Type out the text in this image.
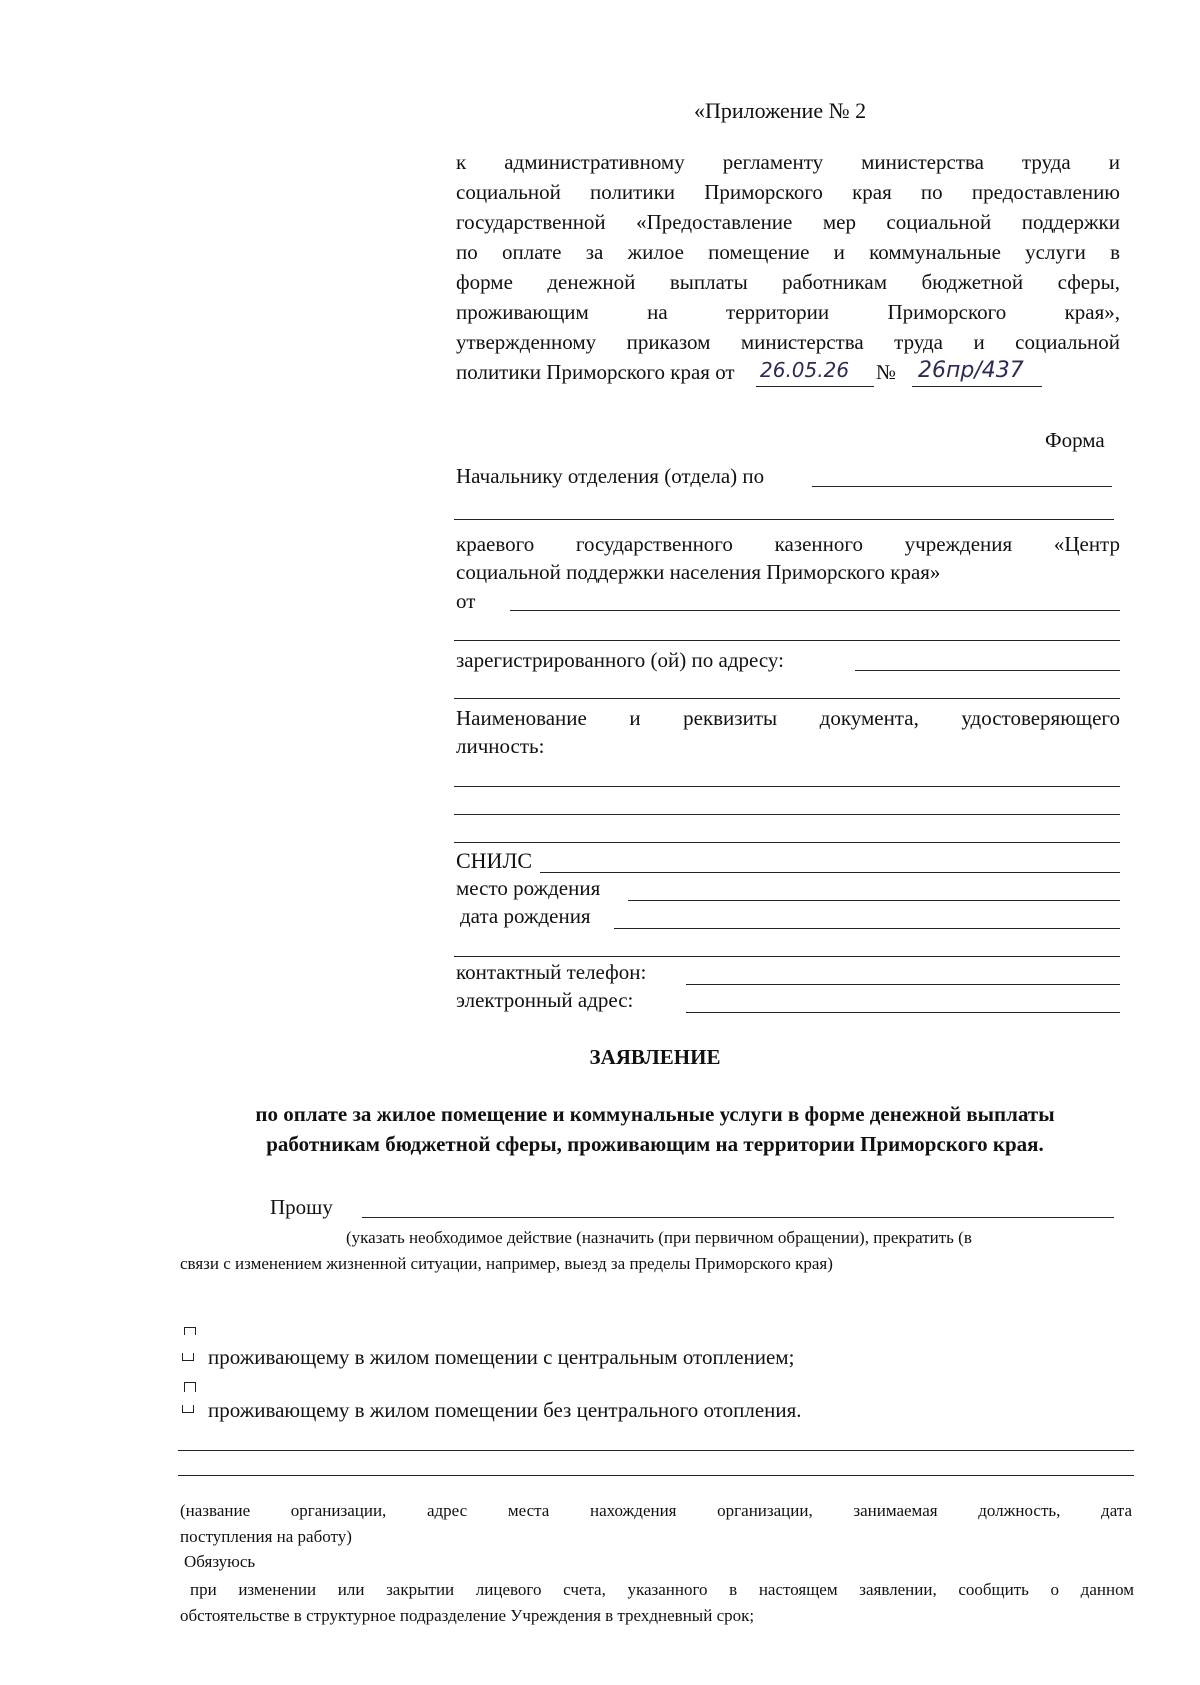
«Приложение № 2
к административному регламенту министерства труда и
социальной политики Приморского края по предоставлению
государственной «Предоставление мер социальной поддержки
по оплате за жилое помещение и коммунальные услуги в
форме денежной выплаты работникам бюджетной сферы,
проживающим на территории Приморского края»,
утвержденному приказом министерства труда и социальной
политики Приморского края от 26.05.26 № 26пр/437
Форма
Начальнику отделения (отдела) по
краевого государственного казенного учреждения «Центр
социальной поддержки населения Приморского края»
от
зарегистрированного (ой) по адресу:
Наименование и реквизиты документа, удостоверяющего
личность:
СНИЛС
место рождения
дата рождения
контактный телефон:
электронный адрес:
ЗАЯВЛЕНИЕ
по оплате за жилое помещение и коммунальные услуги в форме денежной выплаты
работникам бюджетной сферы, проживающим на территории Приморского края.
Прошу
(указать необходимое действие (назначить (при первичном обращении), прекратить (в
связи с изменением жизненной ситуации, например, выезд за пределы Приморского края)
проживающему в жилом помещении с центральным отоплением;
проживающему в жилом помещении без центрального отопления.
(название организации, адрес места нахождения организации, занимаемая должность, дата
поступления на работу)
Обязуюсь
при изменении или закрытии лицевого счета, указанного в настоящем заявлении, сообщить о данном
обстоятельстве в структурное подразделение Учреждения в трехдневный срок;
